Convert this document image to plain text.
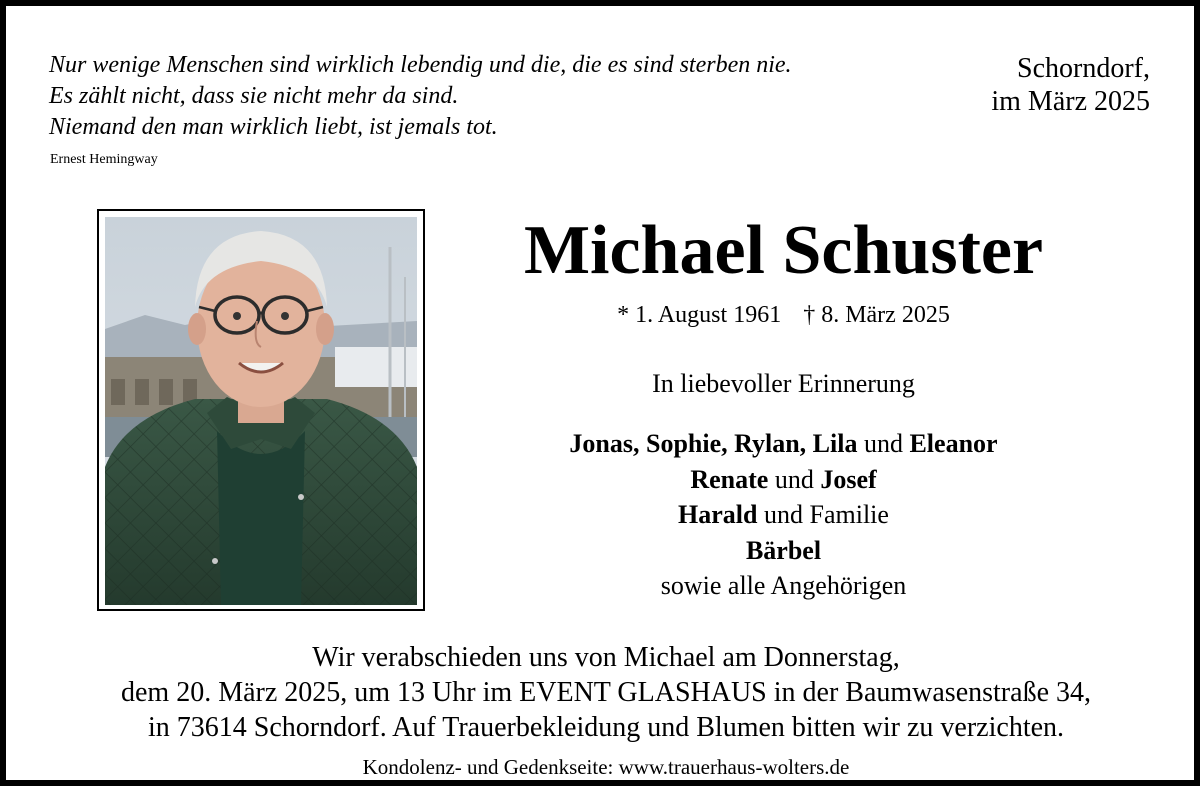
Nur wenige Menschen sind wirklich lebendig und die, die es sind sterben nie.
Es zählt nicht, dass sie nicht mehr da sind.
Niemand den man wirklich liebt, ist jemals tot.
Ernest Hemingway
Schorndorf,
im März 2025
Michael Schuster
* 1. August 1961 † 8. März 2025
In liebevoller Erinnerung
Jonas, Sophie, Rylan, Lila und Eleanor
Renate und Josef
Harald und Familie
Bärbel
sowie alle Angehörigen
Wir verabschieden uns von Michael am Donnerstag,
dem 20. März 2025, um 13 Uhr im EVENT GLASHAUS in der Baumwasenstraße 34,
in 73614 Schorndorf. Auf Trauerbekleidung und Blumen bitten wir zu verzichten.
Kondolenz- und Gedenkseite: www.trauerhaus-wolters.de
